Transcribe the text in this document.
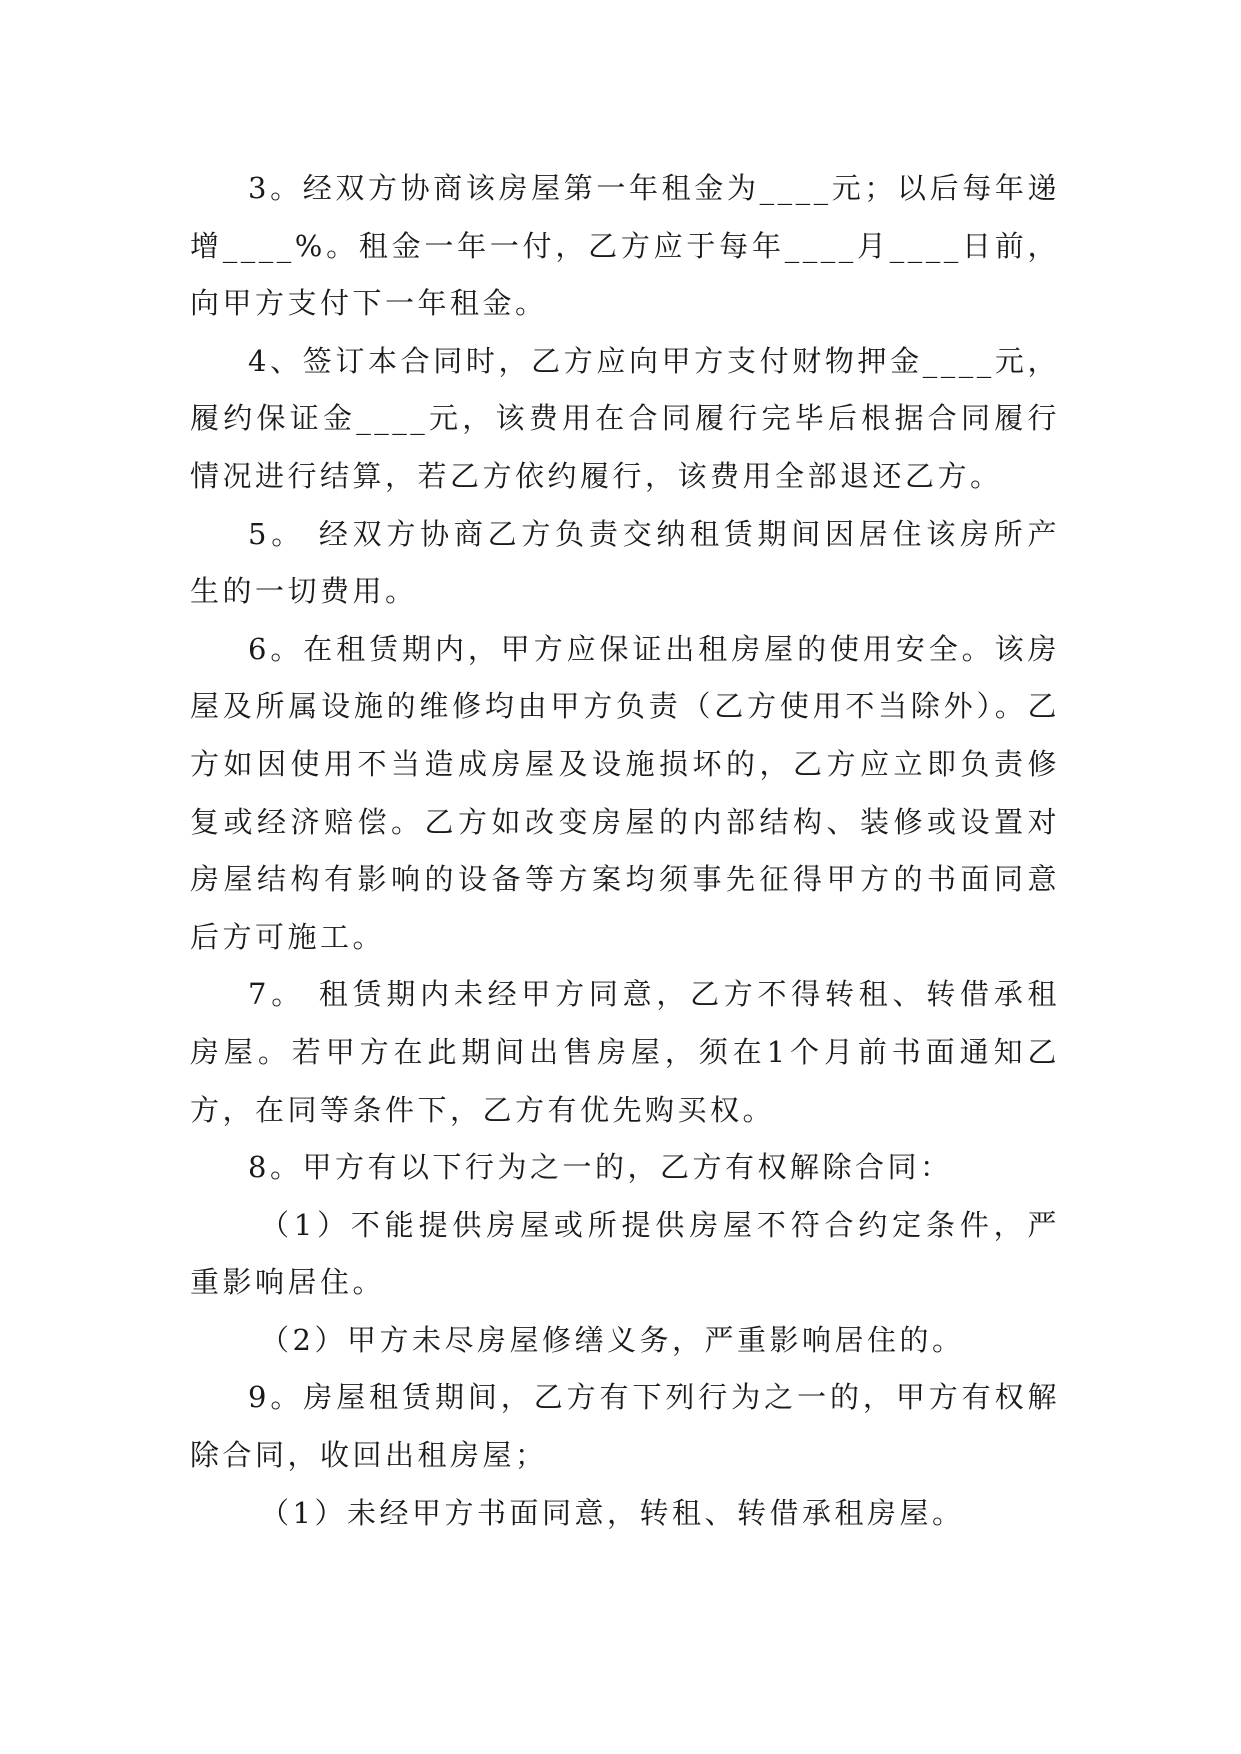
3。经双方协商该房屋第一年租金为____元；以后每年递增____%。租金一年一付，乙方应于每年____月____日前，向甲方支付下一年租金。

4、签订本合同时，乙方应向甲方支付财物押金____元，履约保证金____元，该费用在合同履行完毕后根据合同履行情况进行结算，若乙方依约履行，该费用全部退还乙方。

5。 经双方协商乙方负责交纳租赁期间因居住该房所产生的一切费用。

6。在租赁期内，甲方应保证出租房屋的使用安全。该房屋及所属设施的维修均由甲方负责（乙方使用不当除外）。乙方如因使用不当造成房屋及设施损坏的，乙方应立即负责修复或经济赔偿。乙方如改变房屋的内部结构、装修或设置对房屋结构有影响的设备等方案均须事先征得甲方的书面同意后方可施工。

7。 租赁期内未经甲方同意，乙方不得转租、转借承租房屋。若甲方在此期间出售房屋，须在1个月前书面通知乙方，在同等条件下，乙方有优先购买权。

8。甲方有以下行为之一的，乙方有权解除合同：

（1）不能提供房屋或所提供房屋不符合约定条件，严重影响居住。

（2）甲方未尽房屋修缮义务，严重影响居住的。

9。房屋租赁期间，乙方有下列行为之一的，甲方有权解除合同，收回出租房屋；

（1）未经甲方书面同意，转租、转借承租房屋。
